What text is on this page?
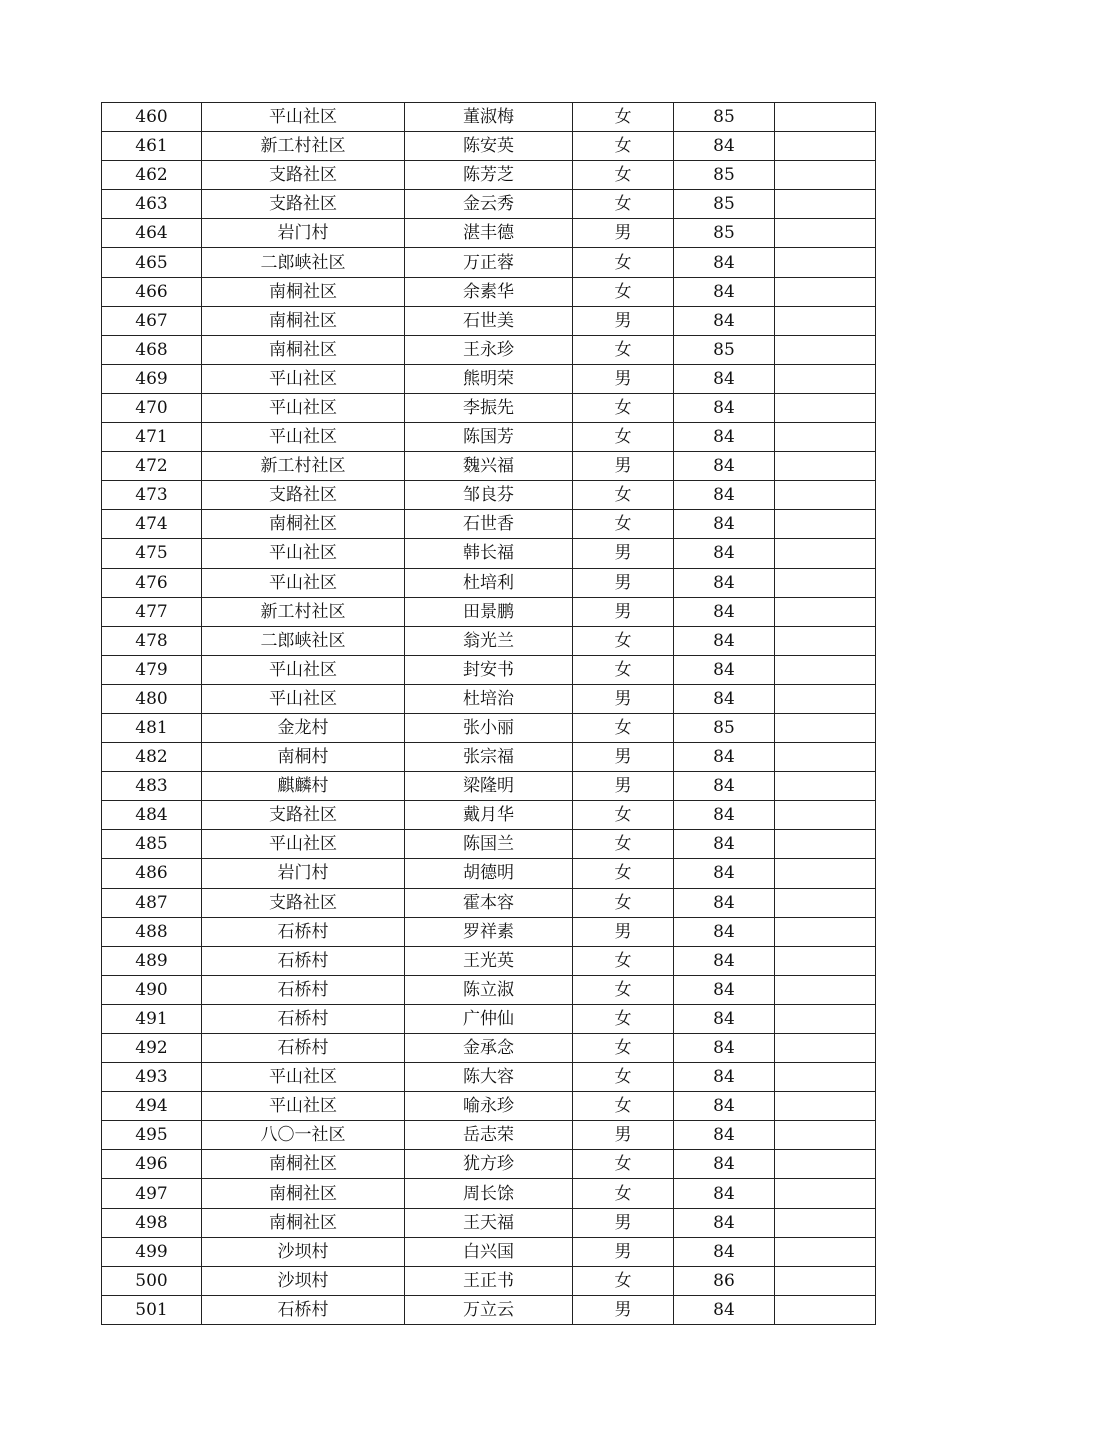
460	平山社区	董淑梅	女	85	
461	新工村社区	陈安英	女	84	
462	支路社区	陈芳芝	女	85	
463	支路社区	金云秀	女	85	
464	岩门村	湛丰德	男	85	
465	二郎峡社区	万正蓉	女	84	
466	南桐社区	余素华	女	84	
467	南桐社区	石世美	男	84	
468	南桐社区	王永珍	女	85	
469	平山社区	熊明荣	男	84	
470	平山社区	李振先	女	84	
471	平山社区	陈国芳	女	84	
472	新工村社区	魏兴福	男	84	
473	支路社区	邹良芬	女	84	
474	南桐社区	石世香	女	84	
475	平山社区	韩长福	男	84	
476	平山社区	杜培利	男	84	
477	新工村社区	田景鹏	男	84	
478	二郎峡社区	翁光兰	女	84	
479	平山社区	封安书	女	84	
480	平山社区	杜培治	男	84	
481	金龙村	张小丽	女	85	
482	南桐村	张宗福	男	84	
483	麒麟村	梁隆明	男	84	
484	支路社区	戴月华	女	84	
485	平山社区	陈国兰	女	84	
486	岩门村	胡德明	女	84	
487	支路社区	霍本容	女	84	
488	石桥村	罗祥素	男	84	
489	石桥村	王光英	女	84	
490	石桥村	陈立淑	女	84	
491	石桥村	广仲仙	女	84	
492	石桥村	金承念	女	84	
493	平山社区	陈大容	女	84	
494	平山社区	喻永珍	女	84	
495	八〇一社区	岳志荣	男	84	
496	南桐社区	犹方珍	女	84	
497	南桐社区	周长馀	女	84	
498	南桐社区	王天福	男	84	
499	沙坝村	白兴国	男	84	
500	沙坝村	王正书	女	86	
501	石桥村	万立云	男	84	
